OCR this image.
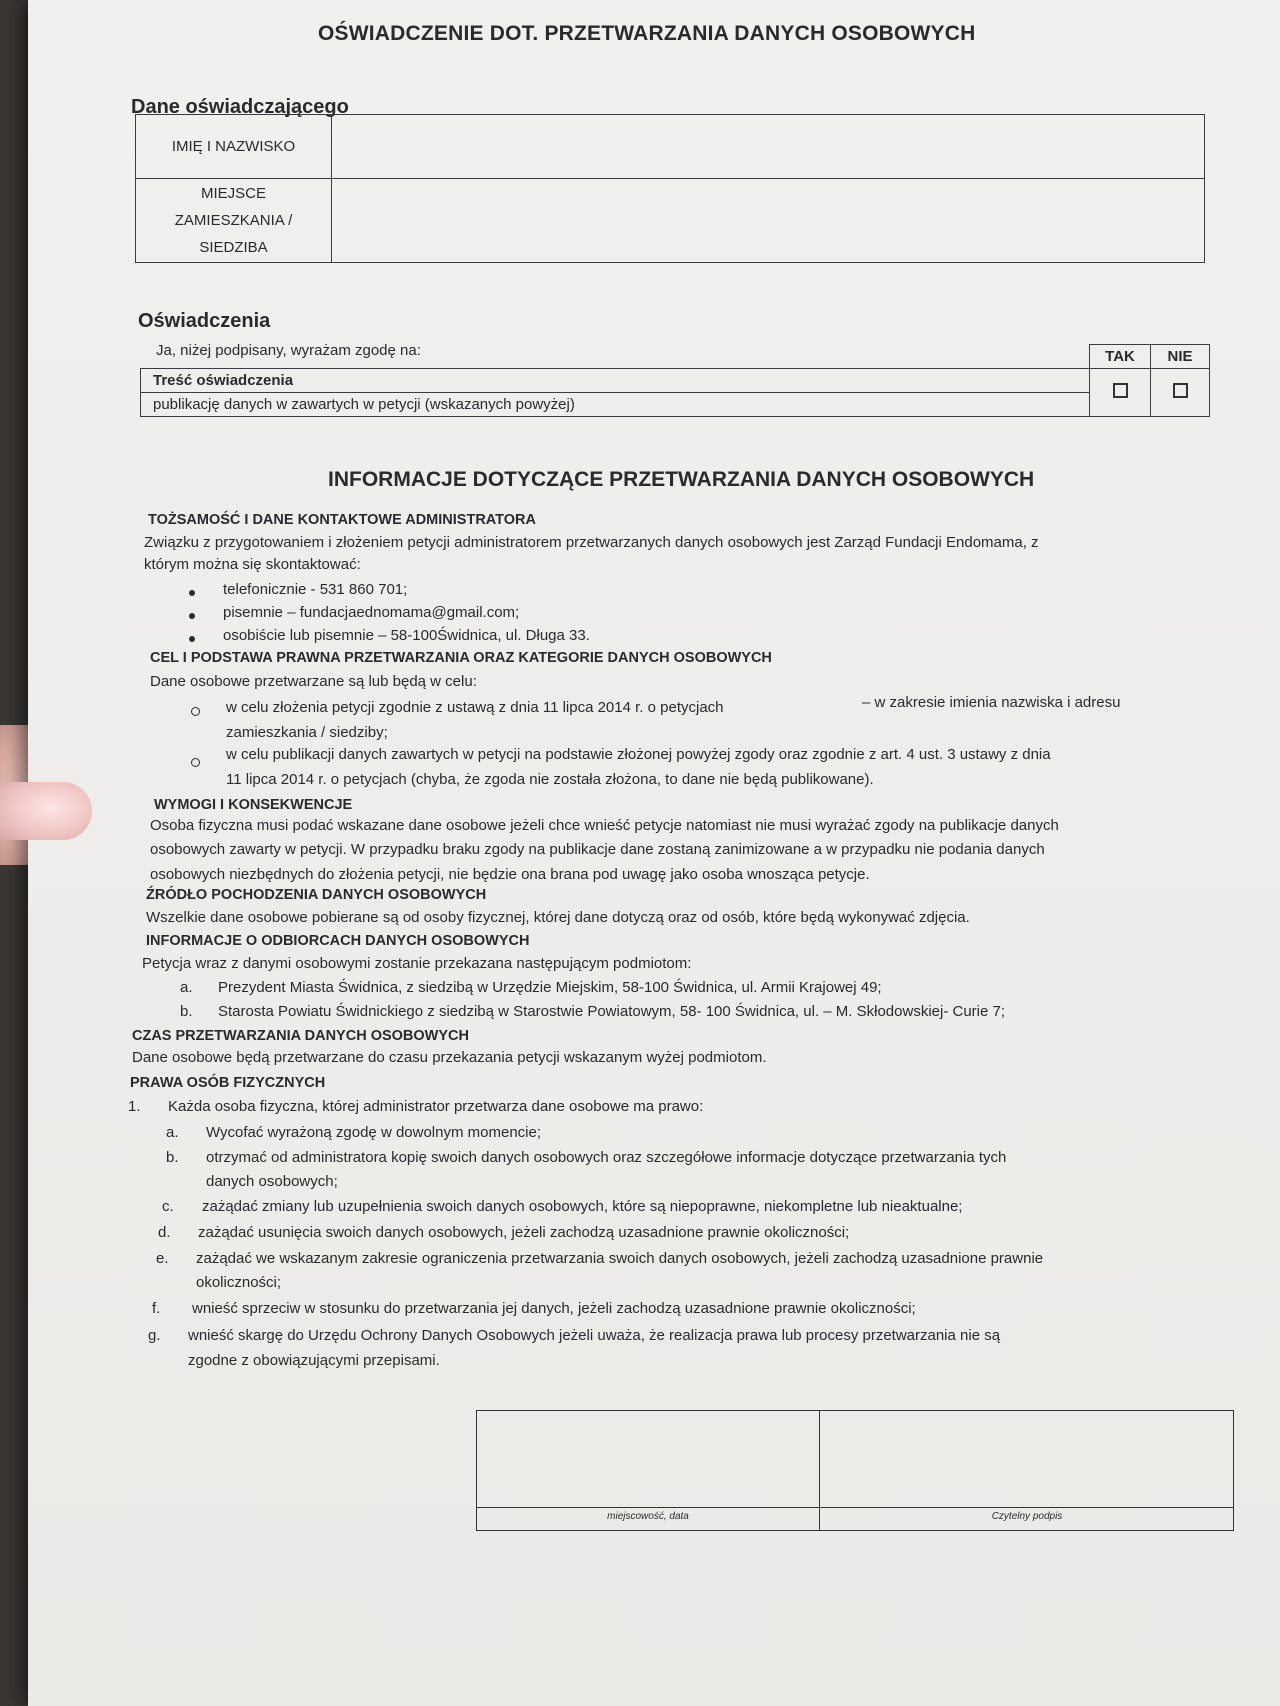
OŚWIADCZENIE DOT. PRZETWARZANIA DANYCH OSOBOWYCH
Dane oświadczającego
IMIĘ I NAZWISKO	

MIEJSCE
ZAMIESZKANIA /
SIEDZIBA	

Oświadczenia
Ja, niżej podpisany, wyrażam zgodę na:
		TAK	NIE
Treść oświadczenia		
publikację danych w zawartych w petycji (wskazanych powyżej)		
INFORMACJE DOTYCZĄCE PRZETWARZANIA DANYCH OSOBOWYCH
TOŻSAMOŚĆ I DANE KONTAKTOWE ADMINISTRATORA
Związku z przygotowaniem i złożeniem petycji administratorem przetwarzanych danych osobowych jest Zarząd Fundacji Endomama, z
którym można się skontaktować:
telefonicznie - 531 860 701;
pisemnie – fundacjaednomama@gmail.com;
osobiście lub pisemnie – 58-100Świdnica, ul. Długa 33.
CEL I PODSTAWA PRAWNA PRZETWARZANIA ORAZ KATEGORIE DANYCH OSOBOWYCH
Dane osobowe przetwarzane są lub będą w celu:
w celu złożenia petycji zgodnie z ustawą z dnia 11 lipca 2014 r. o petycjach	– w zakresie imienia nazwiska i adresu
zamieszkania / siedziby;
w celu publikacji danych zawartych w petycji na podstawie złożonej powyżej zgody oraz zgodnie z art. 4 ust. 3 ustawy z dnia
11 lipca 2014 r. o petycjach (chyba, że zgoda nie została złożona, to dane nie będą publikowane).
WYMOGI I KONSEKWENCJE
Osoba fizyczna musi podać wskazane dane osobowe jeżeli chce wnieść petycje natomiast nie musi wyrażać zgody na publikacje danych
osobowych zawarty w petycji. W przypadku braku zgody na publikacje dane zostaną zanimizowane a w przypadku nie podania danych
osobowych niezbędnych do złożenia petycji, nie będzie ona brana pod uwagę jako osoba wnosząca petycje.
ŹRÓDŁO POCHODZENIA DANYCH OSOBOWYCH
Wszelkie dane osobowe pobierane są od osoby fizycznej, której dane dotyczą oraz od osób, które będą wykonywać zdjęcia.
INFORMACJE O ODBIORCACH DANYCH OSOBOWYCH
Petycja wraz z danymi osobowymi zostanie przekazana następującym podmiotom:
a. Prezydent Miasta Świdnica, z siedzibą w Urzędzie Miejskim, 58-100 Świdnica, ul. Armii Krajowej 49;
b. Starosta Powiatu Świdnickiego z siedzibą w Starostwie Powiatowym, 58- 100 Świdnica, ul. – M. Skłodowskiej- Curie 7;
CZAS PRZETWARZANIA DANYCH OSOBOWYCH
Dane osobowe będą przetwarzane do czasu przekazania petycji wskazanym wyżej podmiotom.
PRAWA OSÓB FIZYCZNYCH
1. Każda osoba fizyczna, której administrator przetwarza dane osobowe ma prawo:
a. Wycofać wyrażoną zgodę w dowolnym momencie;
b. otrzymać od administratora kopię swoich danych osobowych oraz szczegółowe informacje dotyczące przetwarzania tych
danych osobowych;
c. zażądać zmiany lub uzupełnienia swoich danych osobowych, które są niepoprawne, niekompletne lub nieaktualne;
d. zażądać usunięcia swoich danych osobowych, jeżeli zachodzą uzasadnione prawnie okoliczności;
e. zażądać we wskazanym zakresie ograniczenia przetwarzania swoich danych osobowych, jeżeli zachodzą uzasadnione prawnie
okoliczności;
f. wnieść sprzeciw w stosunku do przetwarzania jej danych, jeżeli zachodzą uzasadnione prawnie okoliczności;
g. wnieść skargę do Urzędu Ochrony Danych Osobowych jeżeli uważa, że realizacja prawa lub procesy przetwarzania nie są
zgodne z obowiązującymi przepisami.
miejscowość, data	Czytelny podpis
